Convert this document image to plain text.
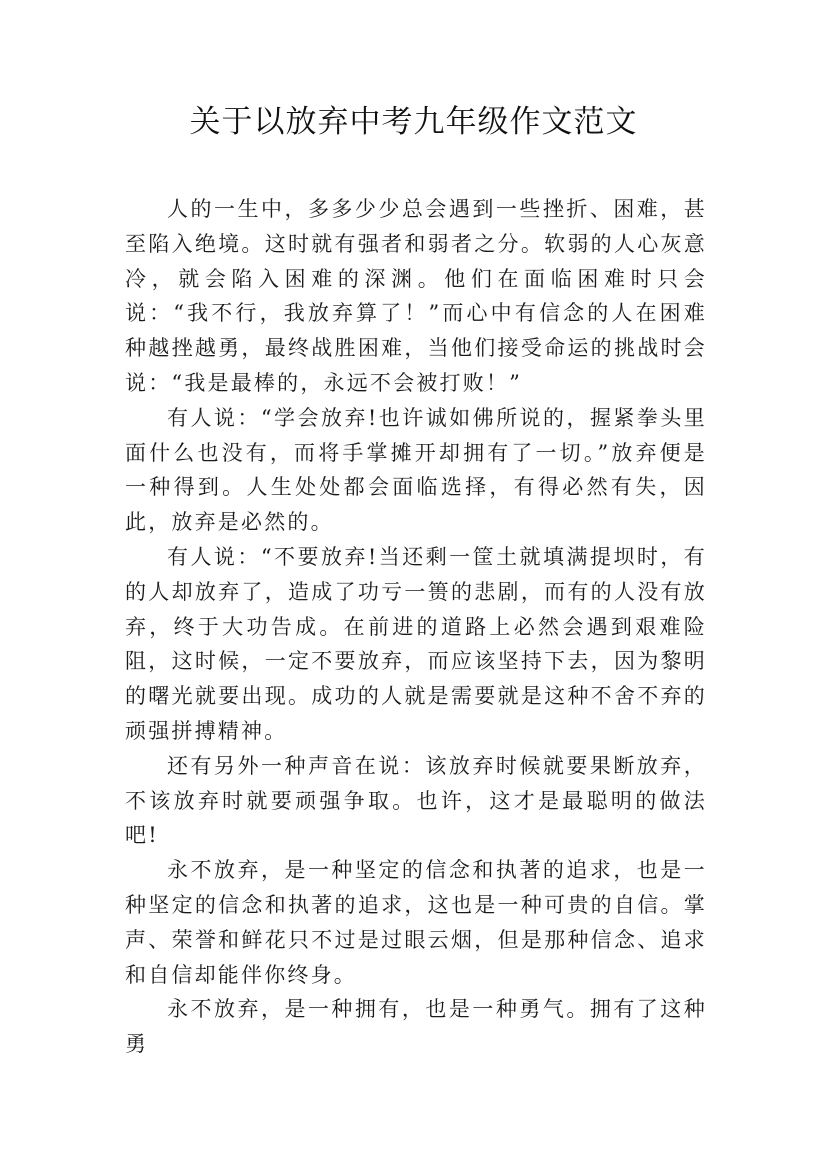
关于以放弃中考九年级作文范文

人的一生中，多多少少总会遇到一些挫折、困难，甚至陷入绝境。这时就有强者和弱者之分。软弱的人心灰意冷，就会陷入困难的深渊。他们在面临困难时只会说：“我不行，我放弃算了！”而心中有信念的人在困难种越挫越勇，最终战胜困难，当他们接受命运的挑战时会说：“我是最棒的，永远不会被打败！”

有人说：“学会放弃!也许诚如佛所说的，握紧拳头里面什么也没有，而将手掌摊开却拥有了一切。”放弃便是一种得到。人生处处都会面临选择，有得必然有失，因此，放弃是必然的。

有人说：“不要放弃!当还剩一筐土就填满提坝时，有的人却放弃了，造成了功亏一篑的悲剧，而有的人没有放弃，终于大功告成。在前进的道路上必然会遇到艰难险阻，这时候，一定不要放弃，而应该坚持下去，因为黎明的曙光就要出现。成功的人就是需要就是这种不舍不弃的顽强拼搏精神。

还有另外一种声音在说：该放弃时候就要果断放弃，不该放弃时就要顽强争取。也许，这才是最聪明的做法吧!

永不放弃，是一种坚定的信念和执著的追求，也是一种坚定的信念和执著的追求，这也是一种可贵的自信。掌声、荣誉和鲜花只不过是过眼云烟，但是那种信念、追求和自信却能伴你终身。

永不放弃，是一种拥有，也是一种勇气。拥有了这种勇
